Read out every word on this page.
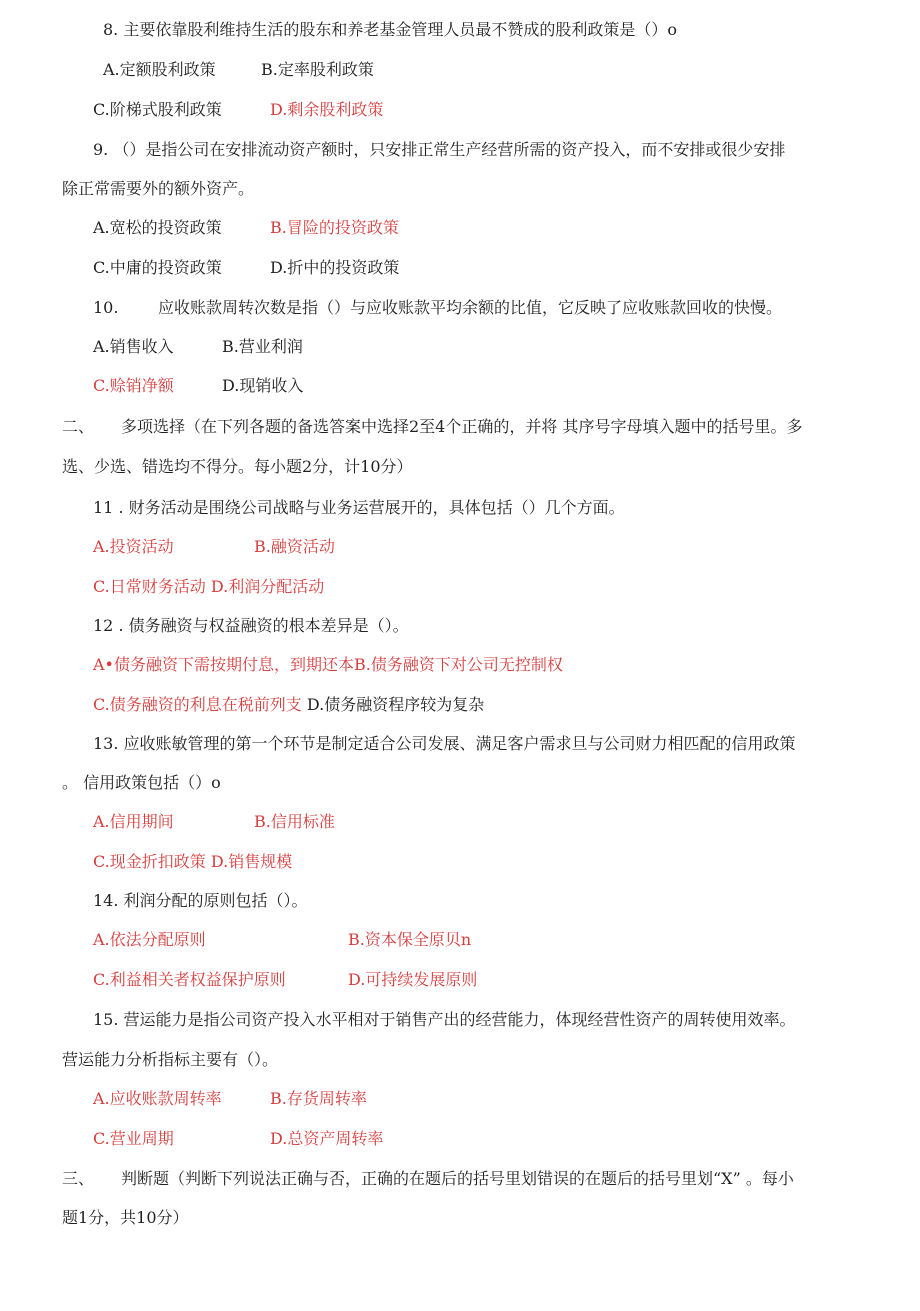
8. 主要依靠股利维持生活的股东和养老基金管理人员最不赞成的股利政策是（）o
A.定额股利政策	B.定率股利政策
C.阶梯式股利政策	D.剩余股利政策
9. （）是指公司在安排流动资产额时，只安排正常生产经营所需的资产投入，而不安排或很少安排
除正常需要外的额外资产。
A.宽松的投资政策	B.冒险的投资政策
C.中庸的投资政策	D.折中的投资政策
10. 应收账款周转次数是指（）与应收账款平均余额的比值，它反映了应收账款回收的快慢。
A.销售收入	B.营业利润
C.赊销净额	D.现销收入
二、 多项选择（在下列各题的备选答案中选择2至4个正确的，并将 其序号字母填入题中的括号里。多
选、少选、错选均不得分。每小题2分，计10分）
11 . 财务活动是围绕公司战略与业务运营展开的，具体包括（）几个方面。
A.投资活动	B.融资活动
C.日常财务活动 D.利润分配活动
12 . 债务融资与权益融资的根本差异是（）。
A•债务融资下需按期付息，到期还本B.债务融资下对公司无控制权
C.债务融资的利息在税前列支 D.债务融资程序较为复杂
13. 应收账敏管理的第一个环节是制定适合公司发展、满足客户需求旦与公司财力相匹配的信用政策
。 信用政策包括（）o
A.信用期间	B.信用标准
C.现金折扣政策 D.销售规模
14. 利润分配的原则包括（）。
A.依法分配原则	B.资本保全原贝n
C.利益相关者权益保护原则	D.可持续发展原则
15. 营运能力是指公司资产投入水平相对于销售产出的经营能力，体现经营性资产的周转使用效率。
营运能力分析指标主要有（）。
A.应收账款周转率	B.存货周转率
C.营业周期	D.总资产周转率
三、 判断题（判断下列说法正确与否，正确的在题后的括号里划错误的在题后的括号里划“X” 。每小
题1分，共10分）
